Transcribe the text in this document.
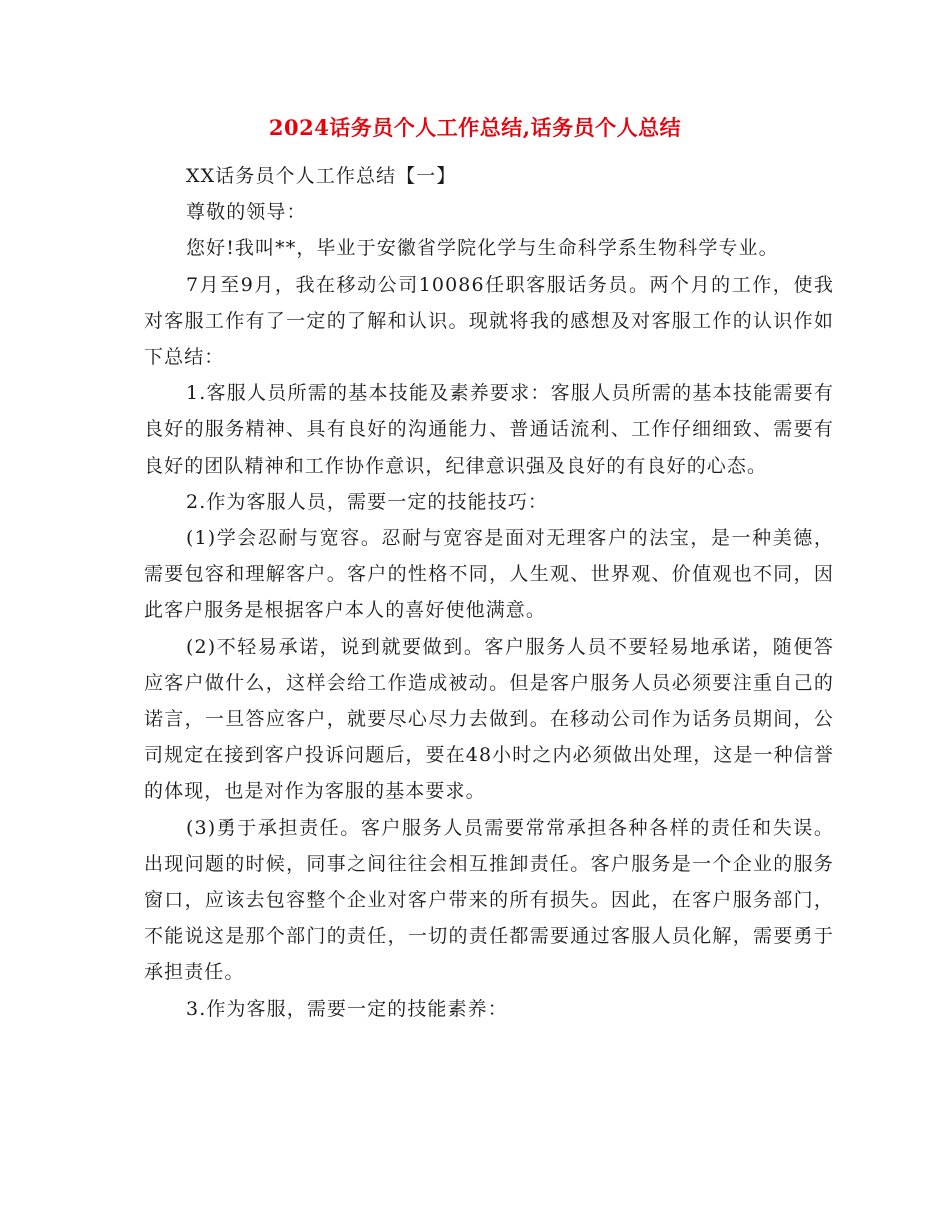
2024话务员个人工作总结,话务员个人总结

XX话务员个人工作总结【一】

尊敬的领导：

您好!我叫**，毕业于安徽省学院化学与生命科学系生物科学专业。

7月至9月，我在移动公司10086任职客服话务员。两个月的工作，使我对客服工作有了一定的了解和认识。现就将我的感想及对客服工作的认识作如下总结：

1.客服人员所需的基本技能及素养要求：客服人员所需的基本技能需要有良好的服务精神、具有良好的沟通能力、普通话流利、工作仔细细致、需要有良好的团队精神和工作协作意识，纪律意识强及良好的有良好的心态。

2.作为客服人员，需要一定的技能技巧：

(1)学会忍耐与宽容。忍耐与宽容是面对无理客户的法宝，是一种美德，需要包容和理解客户。客户的性格不同，人生观、世界观、价值观也不同，因此客户服务是根据客户本人的喜好使他满意。

(2)不轻易承诺，说到就要做到。客户服务人员不要轻易地承诺，随便答应客户做什么，这样会给工作造成被动。但是客户服务人员必须要注重自己的诺言，一旦答应客户，就要尽心尽力去做到。在移动公司作为话务员期间，公司规定在接到客户投诉问题后，要在48小时之内必须做出处理，这是一种信誉的体现，也是对作为客服的基本要求。

(3)勇于承担责任。客户服务人员需要常常承担各种各样的责任和失误。出现问题的时候，同事之间往往会相互推卸责任。客户服务是一个企业的服务窗口，应该去包容整个企业对客户带来的所有损失。因此，在客户服务部门，不能说这是那个部门的责任，一切的责任都需要通过客服人员化解，需要勇于承担责任。

3.作为客服，需要一定的技能素养：
